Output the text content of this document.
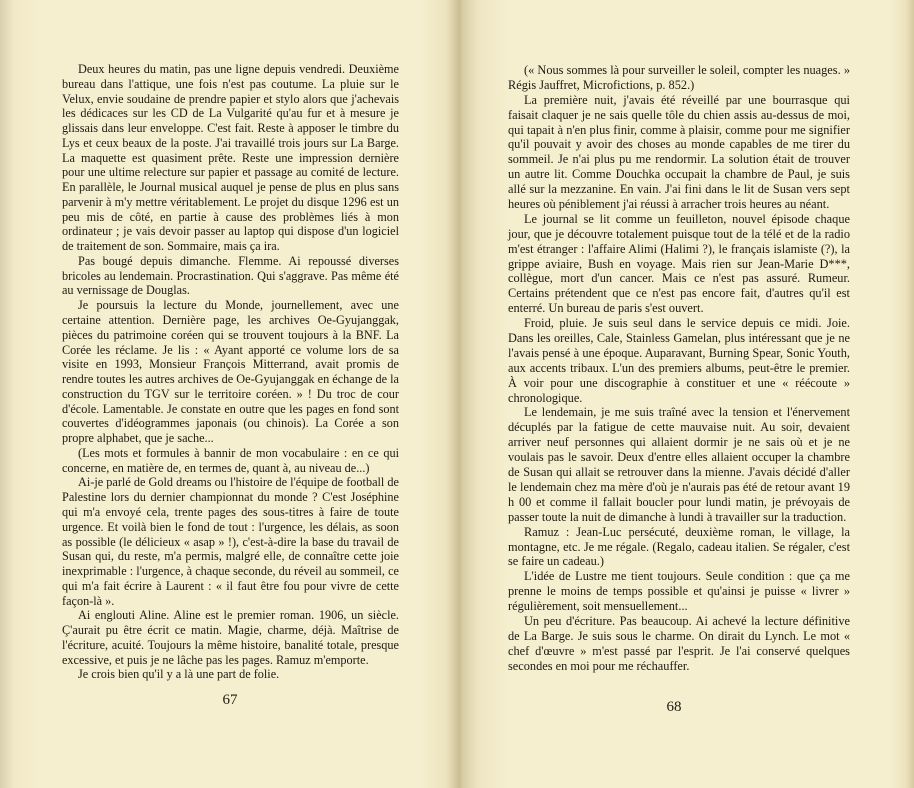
Deux heures du matin, pas une ligne depuis vendredi. Deuxième bureau dans l'attique, une fois n'est pas coutume. La pluie sur le Velux, envie soudaine de prendre papier et stylo alors que j'achevais les dédicaces sur les CD de La Vulgarité qu'au fur et à mesure je glissais dans leur enveloppe. C'est fait. Reste à apposer le timbre du Lys et ceux beaux de la poste. J'ai travaillé trois jours sur La Barge. La maquette est quasiment prête. Reste une impression dernière pour une ultime relecture sur papier et passage au comité de lecture. En parallèle, le Journal musical auquel je pense de plus en plus sans parvenir à m'y mettre véritablement. Le projet du disque 1296 est un peu mis de côté, en partie à cause des problèmes liés à mon ordinateur ; je vais devoir passer au laptop qui dispose d'un logiciel de traitement de son. Sommaire, mais ça ira.

Pas bougé depuis dimanche. Flemme. Ai repoussé diverses bricoles au lendemain. Procrastination. Qui s'aggrave. Pas même été au vernissage de Douglas.

Je poursuis la lecture du Monde, journellement, avec une certaine attention. Dernière page, les archives Oe-Gyujanggak, pièces du patrimoine coréen qui se trouvent toujours à la BNF. La Corée les réclame. Je lis : « Ayant apporté ce volume lors de sa visite en 1993, Monsieur François Mitterrand, avait promis de rendre toutes les autres archives de Oe-Gyujanggak en échange de la construction du TGV sur le territoire coréen. » ! Du troc de cour d'école. Lamentable. Je constate en outre que les pages en fond sont couvertes d'idéogrammes japonais (ou chinois). La Corée a son propre alphabet, que je sache...

(Les mots et formules à bannir de mon vocabulaire : en ce qui concerne, en matière de, en termes de, quant à, au niveau de...)

Ai-je parlé de Gold dreams ou l'histoire de l'équipe de football de Palestine lors du dernier championnat du monde ? C'est Joséphine qui m'a envoyé cela, trente pages des sous-titres à faire de toute urgence. Et voilà bien le fond de tout : l'urgence, les délais, as soon as possible (le délicieux « asap » !), c'est-à-dire la base du travail de Susan qui, du reste, m'a permis, malgré elle, de connaître cette joie inexprimable : l'urgence, à chaque seconde, du réveil au sommeil, ce qui m'a fait écrire à Laurent : « il faut être fou pour vivre de cette façon-là ».

Ai englouti Aline. Aline est le premier roman. 1906, un siècle. Ç'aurait pu être écrit ce matin. Magie, charme, déjà. Maîtrise de l'écriture, acuité. Toujours la même histoire, banalité totale, presque excessive, et puis je ne lâche pas les pages. Ramuz m'emporte.

Je crois bien qu'il y a là une part de folie.

67

(« Nous sommes là pour surveiller le soleil, compter les nuages. » Régis Jauffret, Microfictions, p. 852.)

La première nuit, j'avais été réveillé par une bourrasque qui faisait claquer je ne sais quelle tôle du chien assis au-dessus de moi, qui tapait à n'en plus finir, comme à plaisir, comme pour me signifier qu'il pouvait y avoir des choses au monde capables de me tirer du sommeil. Je n'ai plus pu me rendormir. La solution était de trouver un autre lit. Comme Douchka occupait la chambre de Paul, je suis allé sur la mezzanine. En vain. J'ai fini dans le lit de Susan vers sept heures où péniblement j'ai réussi à arracher trois heures au néant.

Le journal se lit comme un feuilleton, nouvel épisode chaque jour, que je découvre totalement puisque tout de la télé et de la radio m'est étranger : l'affaire Alimi (Halimi ?), le français islamiste (?), la grippe aviaire, Bush en voyage. Mais rien sur Jean-Marie D***, collègue, mort d'un cancer. Mais ce n'est pas assuré. Rumeur. Certains prétendent que ce n'est pas encore fait, d'autres qu'il est enterré. Un bureau de paris s'est ouvert.

Froid, pluie. Je suis seul dans le service depuis ce midi. Joie. Dans les oreilles, Cale, Stainless Gamelan, plus intéressant que je ne l'avais pensé à une époque. Auparavant, Burning Spear, Sonic Youth, aux accents tribaux. L'un des premiers albums, peut-être le premier. À voir pour une discographie à constituer et une « réécoute » chronologique.

Le lendemain, je me suis traîné avec la tension et l'énervement décuplés par la fatigue de cette mauvaise nuit. Au soir, devaient arriver neuf personnes qui allaient dormir je ne sais où et je ne voulais pas le savoir. Deux d'entre elles allaient occuper la chambre de Susan qui allait se retrouver dans la mienne. J'avais décidé d'aller le lendemain chez ma mère d'où je n'aurais pas été de retour avant 19 h 00 et comme il fallait boucler pour lundi matin, je prévoyais de passer toute la nuit de dimanche à lundi à travailler sur la traduction.

Ramuz : Jean-Luc persécuté, deuxième roman, le village, la montagne, etc. Je me régale. (Regalo, cadeau italien. Se régaler, c'est se faire un cadeau.)

L'idée de Lustre me tient toujours. Seule condition : que ça me prenne le moins de temps possible et qu'ainsi je puisse « livrer » régulièrement, soit mensuellement...

Un peu d'écriture. Pas beaucoup. Ai achevé la lecture définitive de La Barge. Je suis sous le charme. On dirait du Lynch. Le mot « chef d'œuvre » m'est passé par l'esprit. Je l'ai conservé quelques secondes en moi pour me réchauffer.

68
